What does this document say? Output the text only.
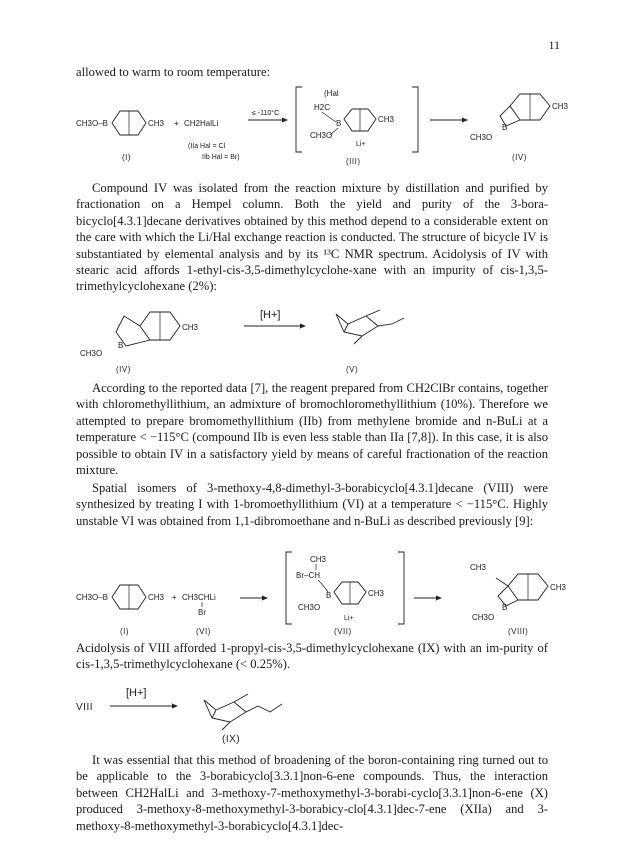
11

allowed to warm to room temperature:

CH3O–B	CH3 + CH2HalLi
≤ -110°C
(IIa Hal = Cl
IIb Hal = Br)
(I)
(Hal
H2C
B	CH3
CH3O
Li+
(III)
CH3
B
CH3O
(IV)

Compound IV was isolated from the reaction mixture by distillation and purified by fractionation on a Hempel column. Both the yield and purity of the 3-bora-bicyclo[4.3.1]decane derivatives obtained by this method depend to a considerable extent on the care with which the Li/Hal exchange reaction is conducted. The structure of bicycle IV is substantiated by elemental analysis and by its ¹³C NMR spectrum. Acidolysis of IV with stearic acid affords 1-ethyl-cis-3,5-dimethylcyclohe-xane with an impurity of cis-1,3,5-trimethylcyclohexane (2%):

CH3
B
CH3O
[H+]
(IV)	(V)

According to the reported data [7], the reagent prepared from CH2ClBr contains, together with chloromethyllithium, an admixture of bromochloromethyllithium (10%). Therefore we attempted to prepare bromomethyllithium (IIb) from methylene bromide and n-BuLi at a temperature < −115°C (compound IIb is even less stable than IIa [7,8]). In this case, it is also possible to obtain IV in a satisfactory yield by means of careful fractionation of the reaction mixture.

Spatial isomers of 3-methoxy-4,8-dimethyl-3-borabicyclo[4.3.1]decane (VIII) were synthesized by treating I with 1-bromoethyllithium (VI) at a temperature < −115°C. Highly unstable VI was obtained from 1,1-dibromoethane and n-BuLi as described previously [9]:

CH3O–B	CH3 + CH3CHLi
Br
(I)	(VI)
CH3
Br–CH
B	CH3
CH3O
Li+
(VII)
CH3
CH3
B
CH3O
(VIII)

Acidolysis of VIII afforded 1-propyl-cis-3,5-dimethylcyclohexane (IX) with an im-purity of cis-1,3,5-trimethylcyclohexane (< 0.25%).

VIII
[H+]
(IX)

It was essential that this method of broadening of the boron-containing ring turned out to be applicable to the 3-borabicyclo[3.3.1]non-6-ene compounds. Thus, the interaction between CH2HalLi and 3-methoxy-7-methoxymethyl-3-borabi-cyclo[3.3.1]non-6-ene (X) produced 3-methoxy-8-methoxymethyl-3-borabicy-clo[4.3.1]dec-7-ene (XIIa) and 3-methoxy-8-methoxymethyl-3-borabicyclo[4.3.1]dec-
